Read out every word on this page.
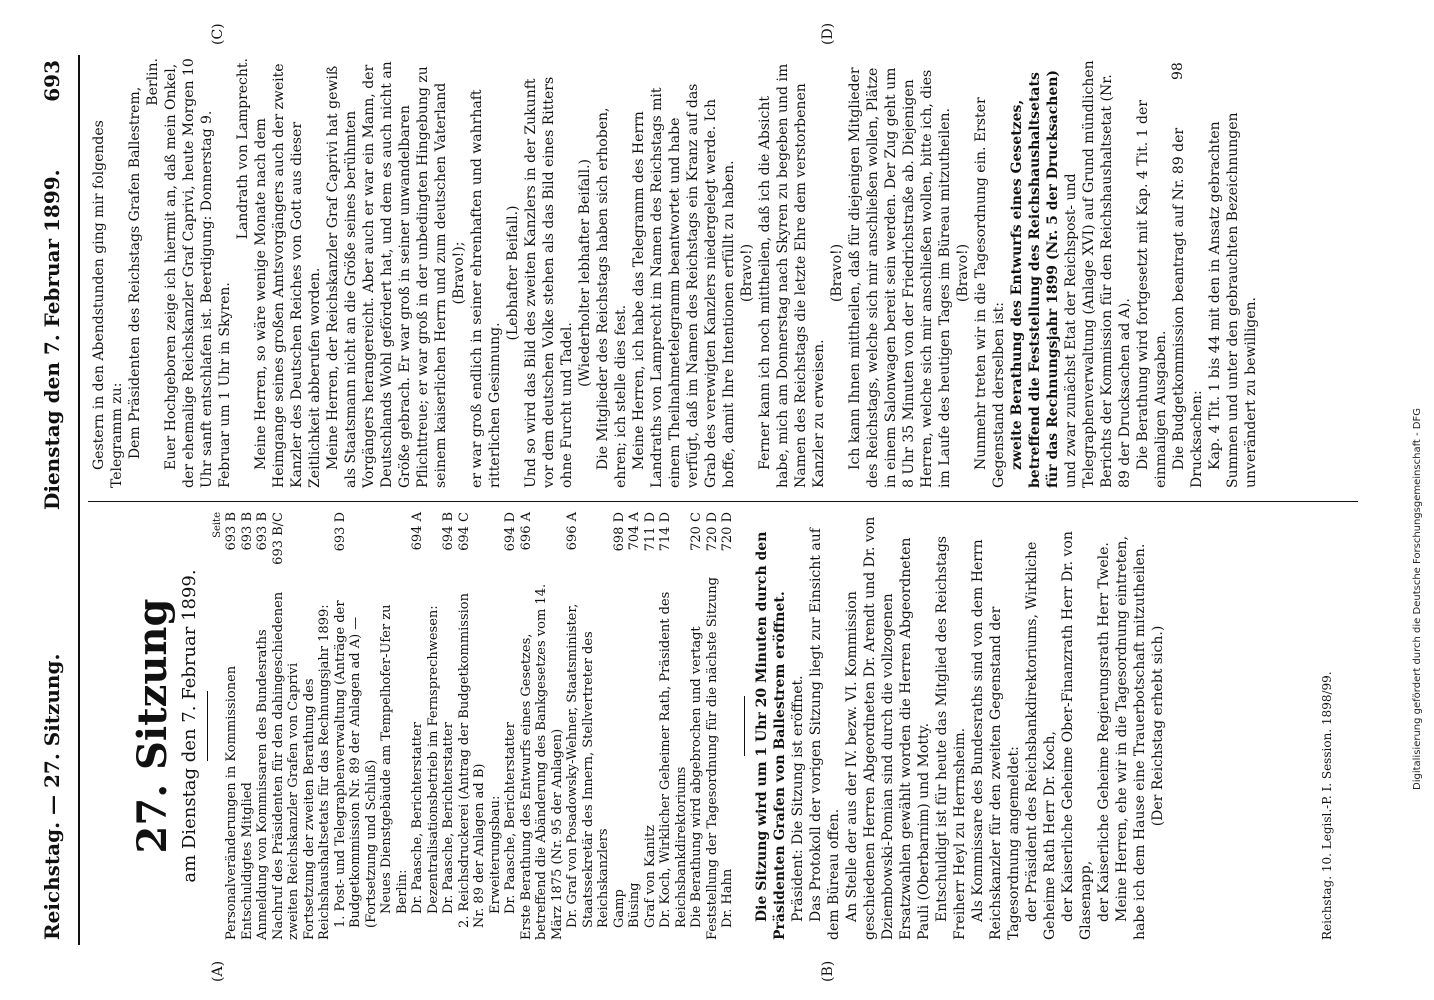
Reichstag. — 27. Sitzung.
Dienstag den 7. Februar 1899.
693
(A)	(B)
(C)	(D)
27. Sitzung am Dienstag den 7. Februar 1899.
Seite
Personalveränderungen in Kommissionen
693 B
Entschuldigtes Mitglied
693 B
Anmeldung von Kommissaren des Bundesraths
693 B
Nachruf des Präsidenten für den dahingeschiedenen zweiten Reichskanzler Grafen von Caprivi
693 B/C
Fortsetzung der zweiten Berathung des Reichshaushaltsetats für das Rechnungsjahr 1899: 1. Post- und Telegraphenverwaltung (Anträge der Budgetkommission Nr. 89 der Anlagen ad A) — (Fortsetzung und Schluß)
693 D
Neues Dienstgebäude am Tempelhofer-Ufer zu Berlin: Dr. Paasche, Berichterstatter
694 A
Dezentralisationsbetrieb im Fernsprechwesen: Dr. Paasche, Berichterstatter
694 B
2. Reichsdruckerei (Antrag der Budgetkommission Nr. 89 der Anlagen ad B)
694 C
Erweiterungsbau: Dr. Paasche, Berichterstatter
694 D
Erste Berathung des Entwurfs eines Gesetzes, betreffend die Abänderung des Bankgesetzes vom 14. März 1875 (Nr. 95 der Anlagen)
696 A
Dr. Graf von Posadowsky-Wehner, Staatsminister, Staatssekretär des Innern, Stellvertreter des Reichskanzlers
696 A
Gamp
698 D
Büsing
704 A
Graf von Kanitz
711 D
Dr. Koch, Wirklicher Geheimer Rath, Präsident des Reichsbankdirektoriums
714 D
Die Berathung wird abgebrochen und vertagt
720 C
Feststellung der Tagesordnung für die nächste Sitzung
720 D
Dr. Hahn
720 D Die Sitzung wird um 1 Uhr 20 Minuten durch den Präsidenten Grafen von Ballestrem eröffnet. Präsident: Die Sitzung ist eröffnet. Das Protokoll der vorigen Sitzung liegt zur Einsicht auf dem Büreau offen. An Stelle der aus der IV. bezw. VI. Kommission geschiedenen Herren Abgeordneten Dr. Arendt und Dr. von Dziembowski-Pomian sind durch die vollzogenen Ersatzwahlen gewählt worden die Herren Abgeordneten Pauli (Oberbarnim) und Motty. Entschuldigt ist für heute das Mitglied des Reichstags Freiherr Heyl zu Herrnsheim. Als Kommissare des Bundesraths sind von dem Herrn Reichskanzler für den zweiten Gegenstand der Tagesordnung angemeldet: der Präsident des Reichsbankdirektoriums, Wirkliche Geheime Rath Herr Dr. Koch, der Kaiserliche Geheime Ober-Finanzrath Herr Dr. von Glasenapp, der Kaiserliche Geheime Regierungsrath Herr Twele. Meine Herren, ehe wir in die Tagesordnung eintreten, habe ich dem Hause eine Trauerbotschaft mitzutheilen. (Der Reichstag erhebt sich.)

Gestern in den Abendstunden ging mir folgendes Telegramm zu: Dem Präsidenten des Reichstags Grafen Ballestrem,

Berlin. Euer Hochgeboren zeige ich hiermit an, daß mein Onkel, der ehemalige Reichskanzler Graf Caprivi, heute Morgen 10 Uhr sanft entschlafen ist. Beerdigung: Donnerstag 9. Februar um 1 Uhr in Skyren.

Landrath von Lamprecht. Meine Herren, so wäre wenige Monate nach dem Heimgange seines großen Amtsvorgängers auch der zweite Kanzler des Deutschen Reiches von Gott aus dieser Zeitlichkeit abberufen worden. Meine Herren, der Reichskanzler Graf Caprivi hat gewiß als Staatsmann nicht an die Größe seines berühmten Vorgängers herangereicht. Aber auch er war ein Mann, der Deutschlands Wohl gefördert hat, und dem es auch nicht an Größe gebrach. Er war groß in seiner unwandelbaren Pflichttreue; er war groß in der unbedingten Hingebung zu seinem kaiserlichen Herrn und zum deutschen Vaterland (Bravo!); er war groß endlich in seiner ehrenhaften und wahrhaft ritterlichen Gesinnung.

(Lebhafter Beifall.) Und so wird das Bild des zweiten Kanzlers in der Zukunft vor dem deutschen Volke stehen als das Bild eines Ritters ohne Furcht und Tadel.

(Wiederholter lebhafter Beifall.) Die Mitglieder des Reichstags haben sich erhoben, ehren; ich stelle dies fest. Meine Herren, ich habe das Telegramm des Herrn Landraths von Lamprecht im Namen des Reichstags mit einem Theilnahmetelegramm beantwortet und habe verfügt, daß im Namen des Reichstags ein Kranz auf das Grab des verewigten Kanzlers niedergelegt werde. Ich hoffe, damit Ihre Intentionen erfüllt zu haben. (Bravo!) Ferner kann ich noch mittheilen, daß ich die Absicht habe, mich am Donnerstag nach Skyren zu begeben und im Namen des Reichstags die letzte Ehre dem verstorbenen Kanzler zu erweisen.

(Bravo!) Ich kann Ihnen mittheilen, daß für diejenigen Mitglieder des Reichstags, welche sich mir anschließen wollen, Plätze in einem Salonwagen bereit sein werden. Der Zug geht um 8 Uhr 35 Minuten von der Friedrichstraße ab. Diejenigen Herren, welche sich mir anschließen wollen, bitte ich, dies im Laufe des heutigen Tages im Büreau mitzutheilen. (Bravo!) Nunmehr treten wir in die Tagesordnung ein. Erster Gegenstand derselben ist: zweite Berathung des Entwurfs eines Gesetzes, betreffend die Feststellung des Reichshaushaltsetats für das Rechnungsjahr 1899 (Nr. 5 der Drucksachen) und zwar zunächst Etat der Reichspost- und Telegraphenverwaltung (Anlage XVI) auf Grund mündlichen Berichts der Kommission für den Reichshaushaltsetat (Nr. 89 der Drucksachen ad A). Die Berathung wird fortgesetzt mit Kap. 4 Tit. 1 der einmaligen Ausgaben. Die Budgetkommission beantragt auf Nr. 89 der Drucksachen: Kap. 4 Tit. 1 bis 44 mit den in Ansatz gebrachten Summen und unter den gebrauchten Bezeichnungen unverändert zu bewilligen.

Reichstag. 10. Legisl.-P. I. Session. 1898/99.
98
Digitalisierung gefördert durch die Deutsche Forschungsgemeinschaft - DFG
